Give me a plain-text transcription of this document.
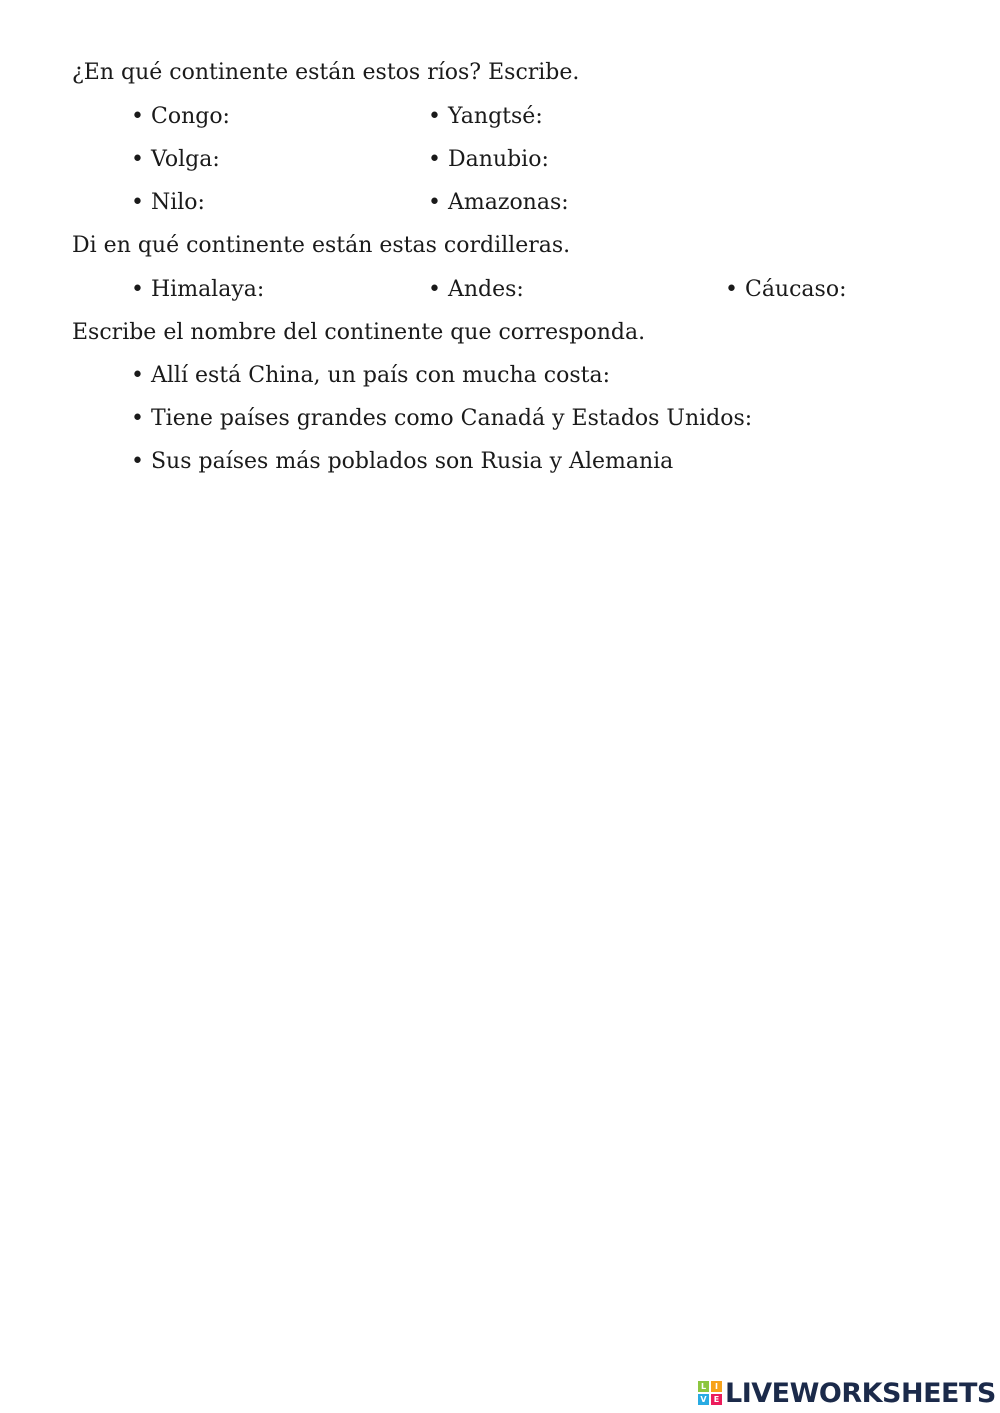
¿En qué continente están estos ríos? Escribe.
• Congo:	• Yangtsé:
• Volga:	• Danubio:
• Nilo:	• Amazonas:
Di en qué continente están estas cordilleras.
• Himalaya:	• Andes:	• Cáucaso:
Escribe el nombre del continente que corresponda.
• Allí está China, un país con mucha costa:
• Tiene países grandes como Canadá y Estados Unidos:
• Sus países más poblados son Rusia y Alemania
L	I
V E LIVEWORKSHEETS
